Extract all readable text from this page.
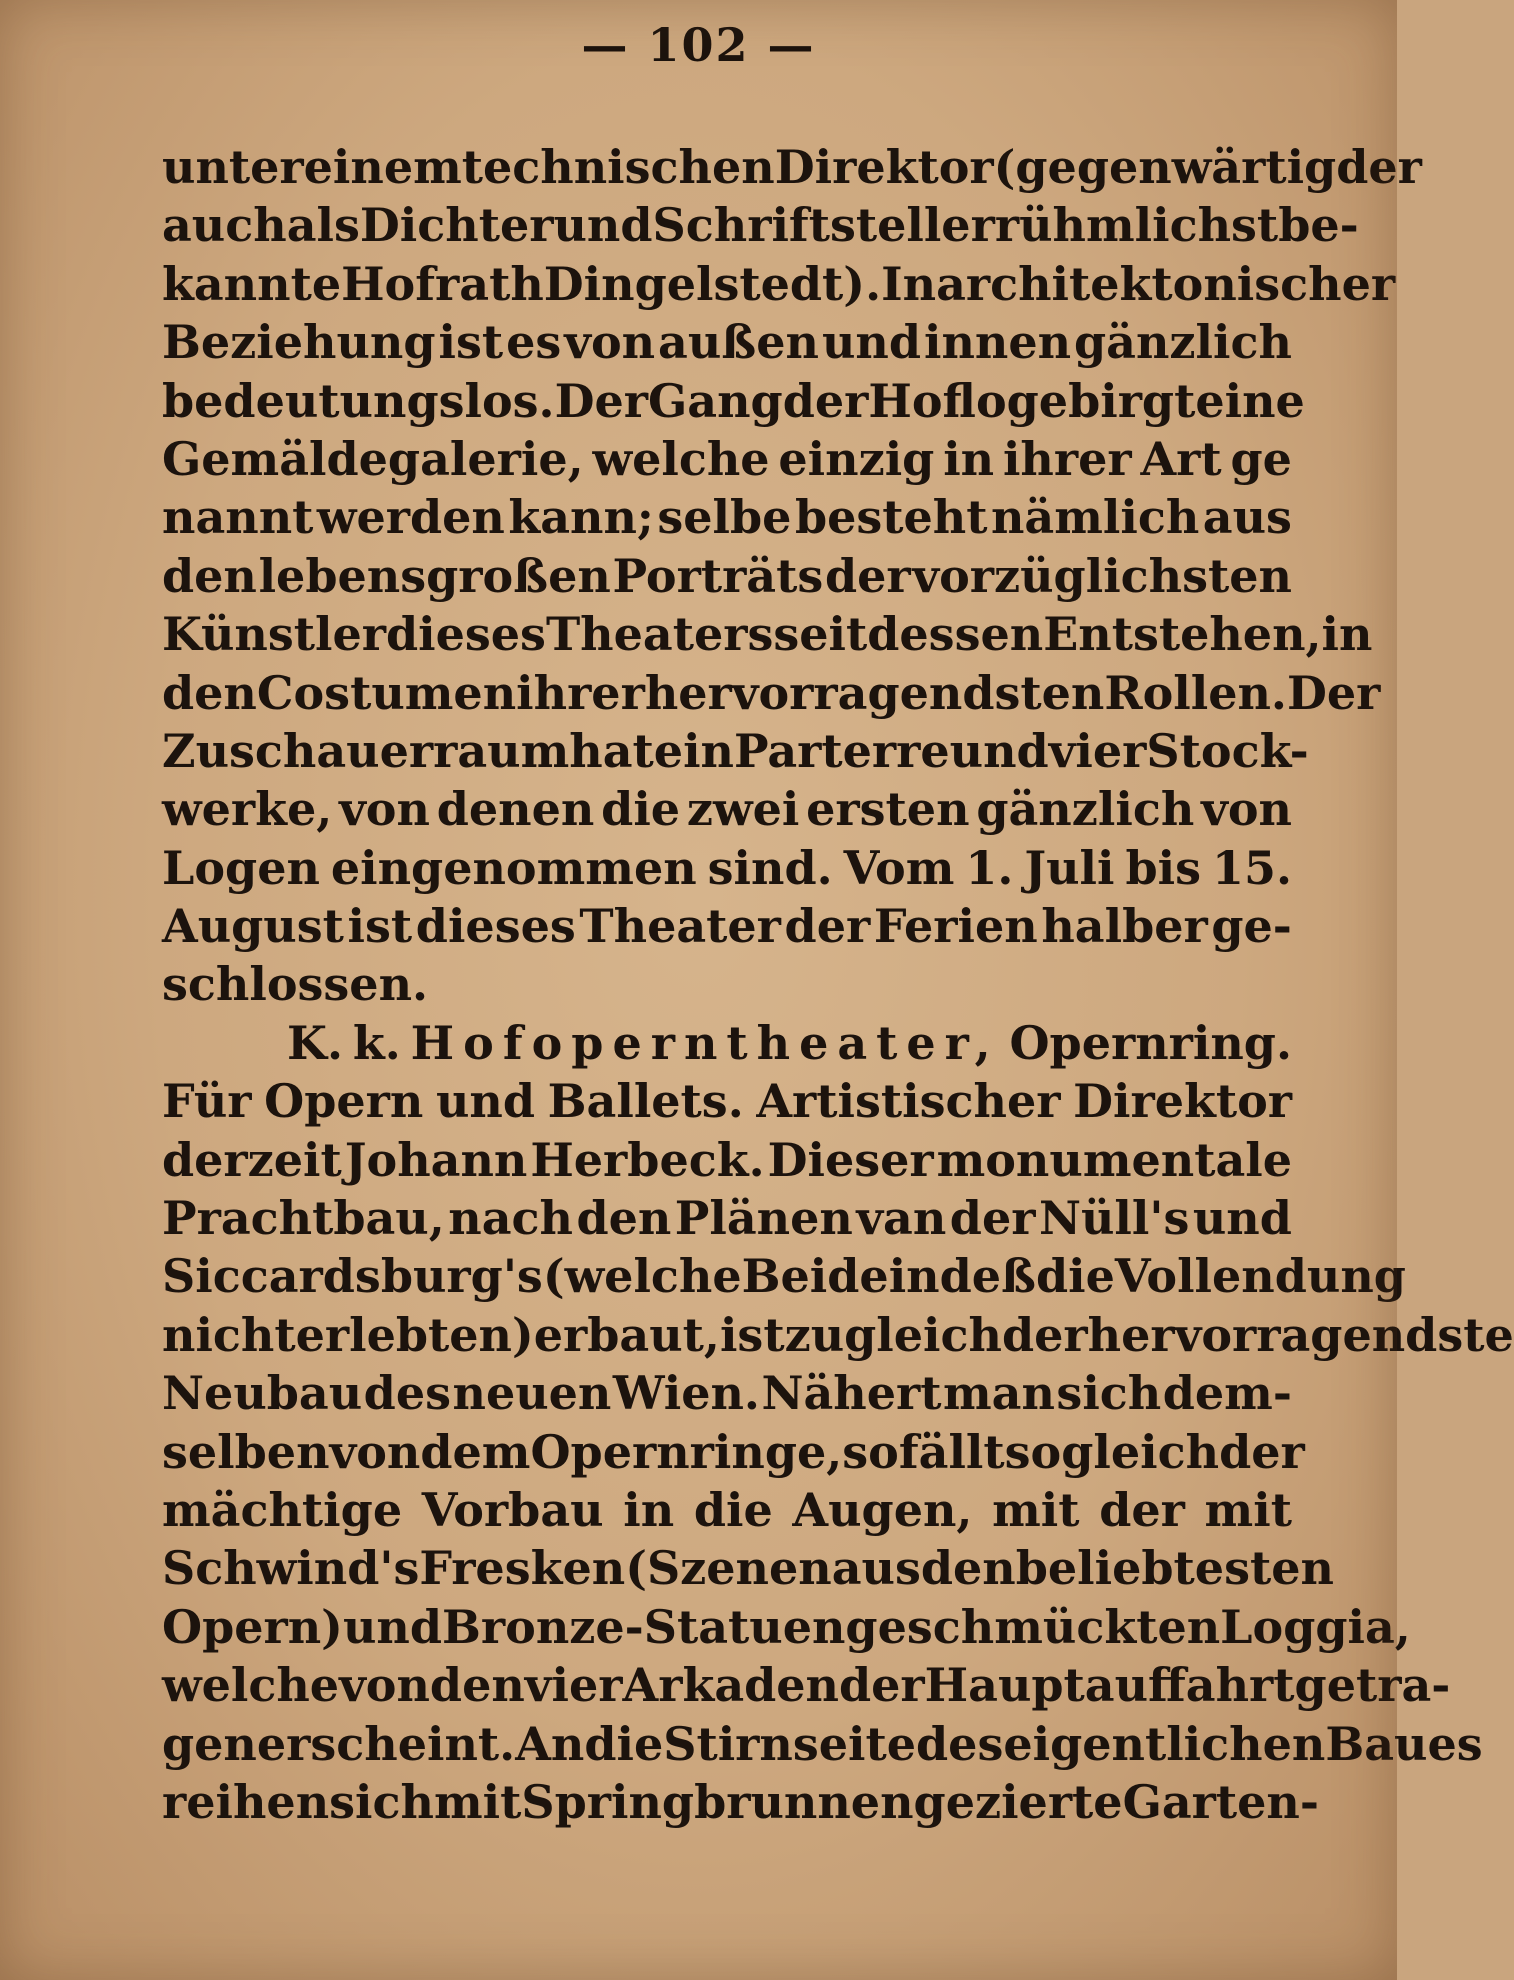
— 102 —
unter einem technischen Direktor (gegenwärtig der
auch als Dichter und Schriftsteller rühmlichst be-
kannte Hofrath Dingelstedt). In architektonischer
Beziehung ist es von außen und innen gänzlich
bedeutungslos. Der Gang der Hofloge birgt eine
Gemäldegalerie, welche einzig in ihrer Art ge
nannt werden kann; selbe besteht nämlich aus
den lebensgroßen Porträts der vorzüglichsten
Künstler dieses Theaters seit dessen Entstehen, in
den Costumen ihrer hervorragendsten Rollen. Der
Zuschauerraum hat ein Parterre und vier Stock-
werke, von denen die zwei ersten gänzlich von
Logen eingenommen sind. Vom 1. Juli bis 15.
August ist dieses Theater der Ferien halber ge-
schlossen.
K. k. Hofoperntheater, Opernring.
Für Opern und Ballets. Artistischer Direktor
derzeit Johann Herbeck. Dieser monumentale
Prachtbau, nach den Plänen van der Nüll's und
Siccardsburg's (welche Beide indeß die Vollendung
nicht erlebten) erbaut, ist zugleich der hervorragendste
Neubau des neuen Wien. Nähert man sich dem-
selben von dem Opernringe, so fällt sogleich der
mächtige Vorbau in die Augen, mit der mit
Schwind's Fresken (Szenen aus den beliebtesten
Opern) und Bronze-Statuen geschmückten Loggia,
welche von den vier Arkaden der Hauptauffahrt getra-
gen erscheint. An die Stirnseite des eigentlichen Baues
reihen sich mit Springbrunnen gezierte Garten-
